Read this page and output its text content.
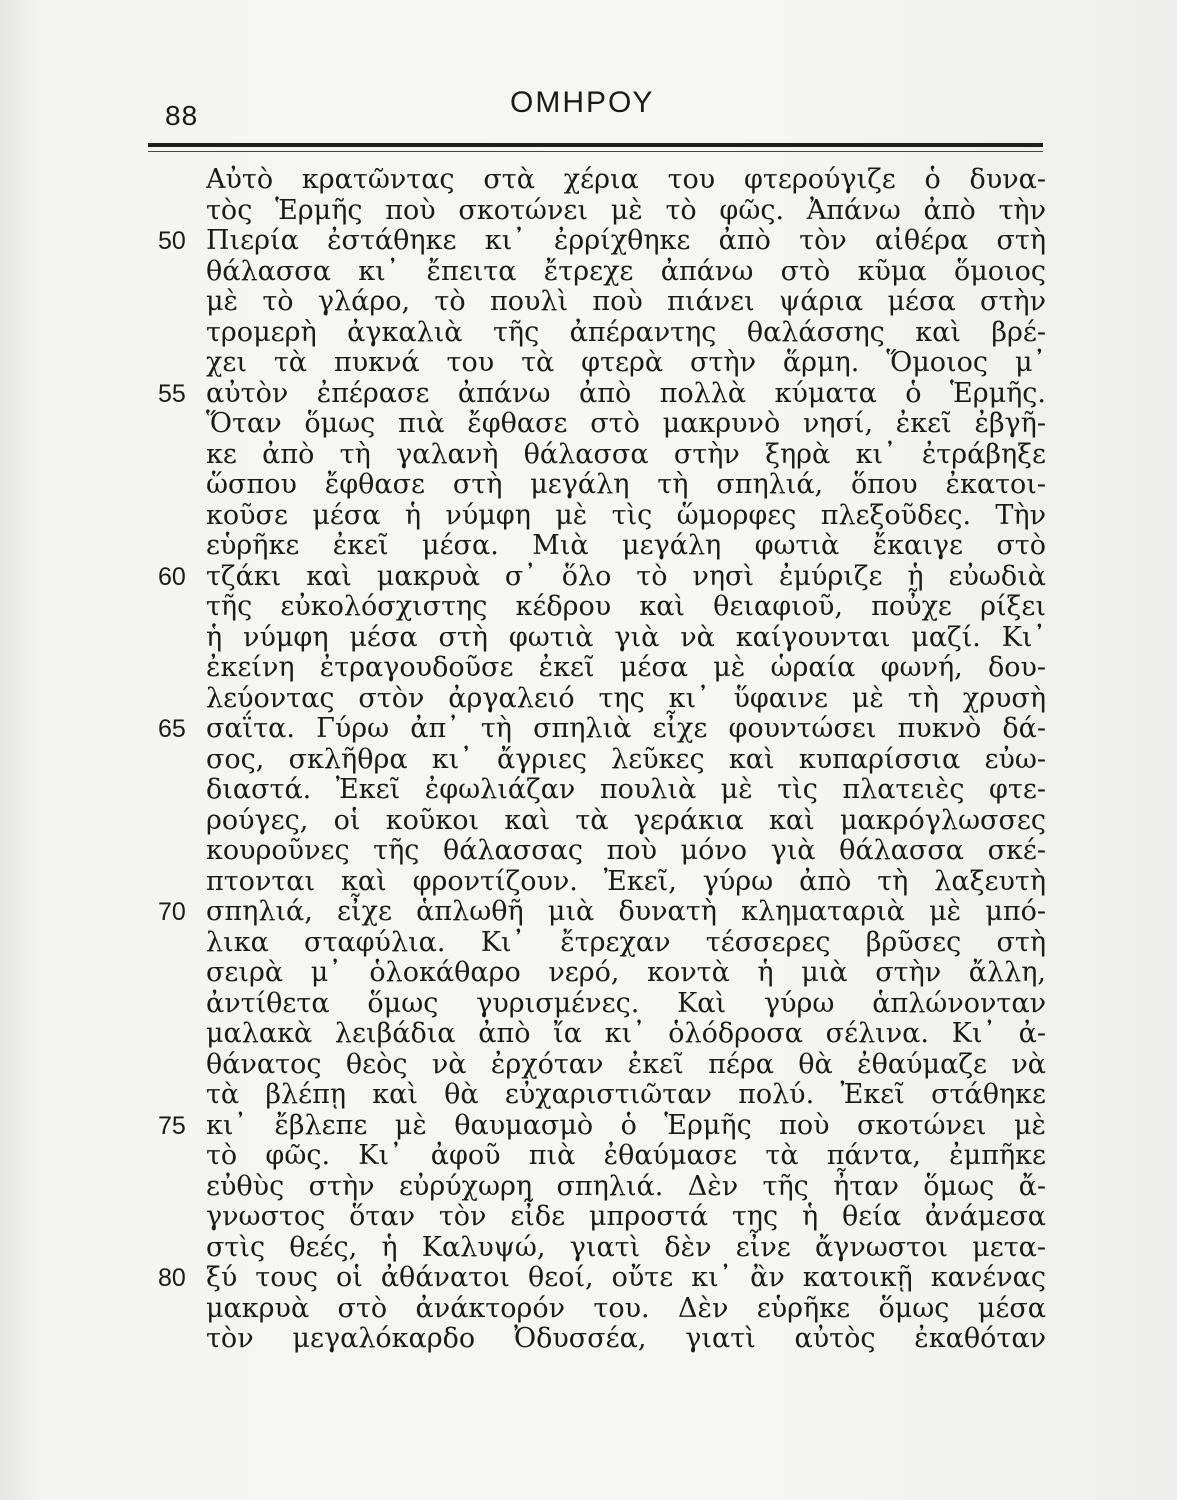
88	ΟΜΗΡΟΥ
Αὐτὸ κρατῶντας στὰ χέρια του φτερούγιζε ὁ δυνα-
τὸς Ἑρμῆς ποὺ σκοτώνει μὲ τὸ φῶς. Ἀπάνω ἀπὸ τὴν
Πιερία ἐστάθηκε κι᾿ ἐρρίχθηκε ἀπὸ τὸν αἰθέρα στὴ
θάλασσα κι᾿ ἔπειτα ἔτρεχε ἀπάνω στὸ κῦμα ὅμοιος
μὲ τὸ γλάρο, τὸ πουλὶ ποὺ πιάνει ψάρια μέσα στὴν
τρομερὴ ἀγκαλιὰ τῆς ἀπέραντης θαλάσσης καὶ βρέ-
χει τὰ πυκνά του τὰ φτερὰ στὴν ἅρμη. Ὅμοιος μ᾿
αὐτὸν ἐπέρασε ἀπάνω ἀπὸ πολλὰ κύματα ὁ Ἑρμῆς.
Ὅταν ὅμως πιὰ ἔφθασε στὸ μακρυνὸ νησί, ἐκεῖ ἐβγῆ-
κε ἀπὸ τὴ γαλανὴ θάλασσα στὴν ξηρὰ κι᾿ ἐτράβηξε
ὥσπου ἔφθασε στὴ μεγάλη τὴ σπηλιά, ὅπου ἐκατοι-
κοῦσε μέσα ἡ νύμφη μὲ τὶς ὥμορφες πλεξοῦδες. Τὴν
εὑρῆκε ἐκεῖ μέσα. Μιὰ μεγάλη φωτιὰ ἔκαιγε στὸ
τζάκι καὶ μακρυὰ σ᾿ ὅλο τὸ νησὶ ἐμύριζε ἡ εὐωδιὰ
τῆς εὐκολόσχιστης κέδρου καὶ θειαφιοῦ, ποὖχε ρίξει
ἡ νύμφη μέσα στὴ φωτιὰ γιὰ νὰ καίγουνται μαζί. Κι᾿
ἐκείνη ἐτραγουδοῦσε ἐκεῖ μέσα μὲ ὡραία φωνή, δου-
λεύοντας στὸν ἀργαλειό της κι᾿ ὕφαινε μὲ τὴ χρυσὴ
σαΐτα. Γύρω ἀπ᾿ τὴ σπηλιὰ εἶχε φουντώσει πυκνὸ δά-
σος, σκλῆθρα κι᾿ ἄγριες λεῦκες καὶ κυπαρίσσια εὐω-
διαστά. Ἐκεῖ ἐφωλιάζαν πουλιὰ μὲ τὶς πλατειὲς φτε-
ρούγες, οἱ κοῦκοι καὶ τὰ γεράκια καὶ μακρόγλωσσες
κουροῦνες τῆς θάλασσας ποὺ μόνο γιὰ θάλασσα σκέ-
πτονται καὶ φροντίζουν. Ἐκεῖ, γύρω ἀπὸ τὴ λαξευτὴ
σπηλιά, εἶχε ἁπλωθῆ μιὰ δυνατὴ κληματαριὰ μὲ μπό-
λικα σταφύλια. Κι᾿ ἔτρεχαν τέσσερες βρῦσες στὴ
σειρὰ μ᾿ ὁλοκάθαρο νερό, κοντὰ ἡ μιὰ στὴν ἄλλη,
ἀντίθετα ὅμως γυρισμένες. Καὶ γύρω ἁπλώνονταν
μαλακὰ λειβάδια ἀπὸ ἴα κι᾿ ὁλόδροσα σέλινα. Κι᾿ ἀ-
θάνατος θεὸς νὰ ἐρχόταν ἐκεῖ πέρα θὰ ἐθαύμαζε νὰ
τὰ βλέπῃ καὶ θὰ εὐχαριστιῶταν πολύ. Ἐκεῖ στάθηκε
κι᾿ ἔβλεπε μὲ θαυμασμὸ ὁ Ἑρμῆς ποὺ σκοτώνει μὲ
τὸ φῶς. Κι᾿ ἀφοῦ πιὰ ἐθαύμασε τὰ πάντα, ἐμπῆκε
εὐθὺς στὴν εὐρύχωρη σπηλιά. Δὲν τῆς ἦταν ὅμως ἄ-
γνωστος ὅταν τὸν εἶδε μπροστά της ἡ θεία ἀνάμεσα
στὶς θεές, ἡ Καλυψώ, γιατὶ δὲν εἶνε ἄγνωστοι μετα-
ξύ τους οἱ ἀθάνατοι θεοί, οὔτε κι᾿ ἂν κατοικῇ κανένας
μακρυὰ στὸ ἀνάκτορόν του. Δὲν εὑρῆκε ὅμως μέσα
τὸν μεγαλόκαρδο Ὀδυσσέα, γιατὶ αὐτὸς ἐκαθόταν
50
55
60
65
70
75
80
